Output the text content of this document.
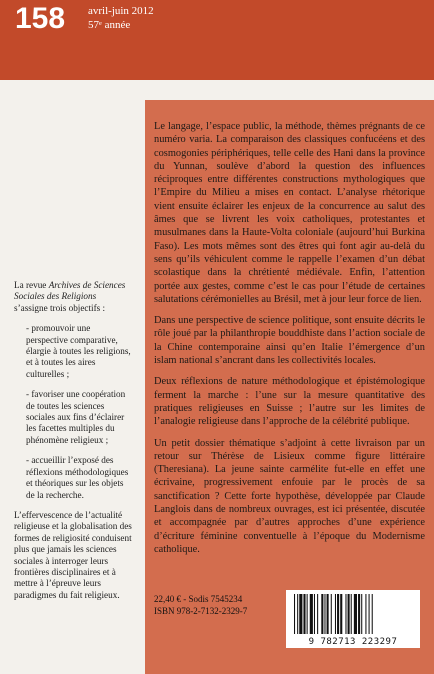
158	avril-juin 2012
57ᵉ année

Le langage, l’espace public, la méthode, thèmes prégnants de ce numéro varia. La comparaison des classiques confucéens et des cosmogonies périphériques, telle celle des Hani dans la province du Yunnan, soulève d’abord la question des influences réciproques entre différentes constructions mythologiques que l’Empire du Milieu a mises en contact. L’analyse rhétorique vient ensuite éclairer les enjeux de la concurrence au salut des âmes que se livrent les voix catholiques, protestantes et musulmanes dans la Haute-Volta coloniale (aujourd’hui Burkina Faso). Les mots mêmes sont des êtres qui font agir au-delà du sens qu’ils véhiculent comme le rappelle l’examen d’un débat scolastique dans la chrétienté médiévale. Enfin, l’attention portée aux gestes, comme c’est le cas pour l’étude de certaines salutations cérémonielles au Brésil, met à jour leur force de lien.

Dans une perspective de science politique, sont ensuite décrits le rôle joué par la philanthropie bouddhiste dans l’action sociale de la Chine contemporaine ainsi qu’en Italie l’émergence d’un islam national s’ancrant dans les collectivités locales.

Deux réflexions de nature méthodologique et épistémologique ferment la marche : l’une sur la mesure quantitative des pratiques religieuses en Suisse ; l’autre sur les limites de l’analogie religieuse dans l’approche de la célébrité publique.

Un petit dossier thématique s’adjoint à cette livraison par un retour sur Thérèse de Lisieux comme figure littéraire (Theresiana). La jeune sainte carmélite fut-elle en effet une écrivaine, progressivement enfouie par le procès de sa sanctification ? Cette forte hypothèse, développée par Claude Langlois dans de nombreux ouvrages, est ici présentée, discutée et accompagnée par d’autres approches d’une expérience d’écriture féminine conventuelle à l’époque du Modernisme catholique.

La revue Archives de Sciences Sociales des Religions s’assigne trois objectifs :

- promouvoir une perspective comparative, élargie à toutes les religions, et à toutes les aires culturelles ;

- favoriser une coopération de toutes les sciences sociales aux fins d’éclairer les facettes multiples du phénomène religieux ;

- accueillir l’exposé des réflexions méthodologiques et théoriques sur les objets de la recherche.

L’effervescence de l’actualité religieuse et la globalisation des formes de religiosité conduisent plus que jamais les sciences sociales à interroger leurs frontières disciplinaires et à mettre à l’épreuve leurs paradigmes du fait religieux.	22,40 € - Sodis 7545234
ISBN 978-2-7132-2329-7
9 782713 223297
